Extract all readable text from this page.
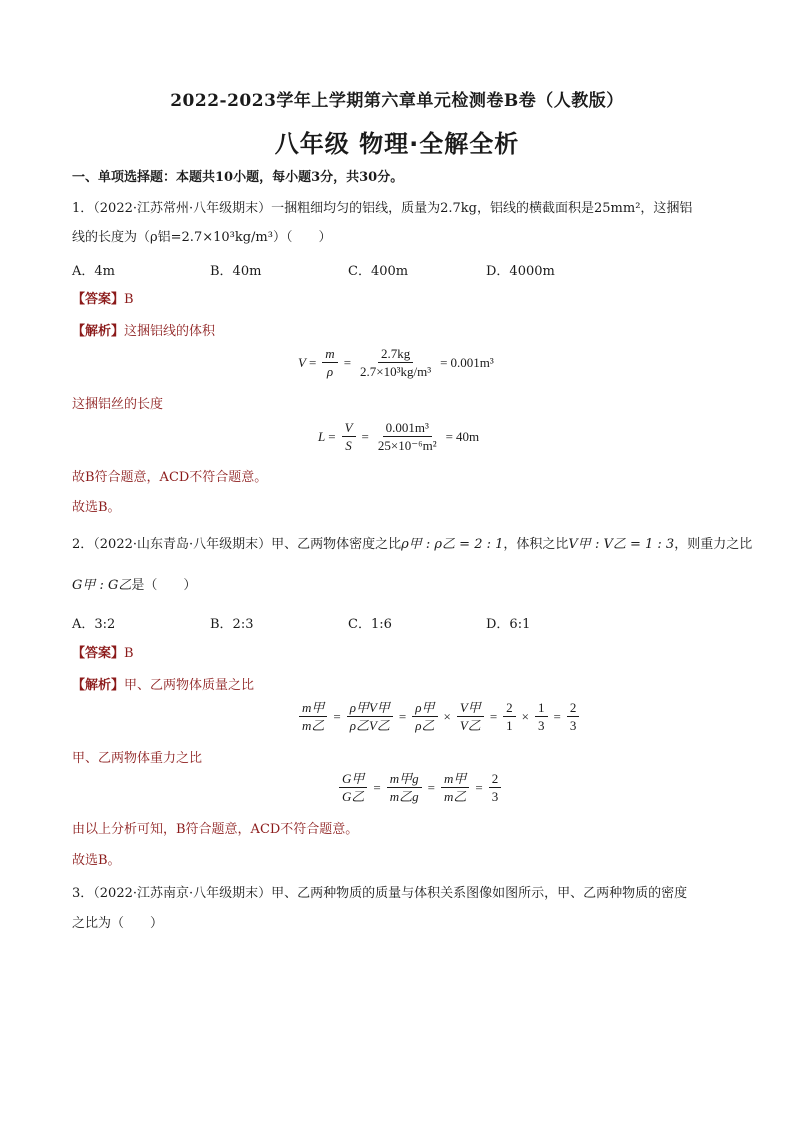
2022-2023学年上学期第六章单元检测卷B卷（人教版）
八年级 物理·全解全析
一、单项选择题：本题共10小题，每小题3分，共30分。
1．（2022·江苏常州·八年级期末）一捆粗细均匀的铝线，质量为2.7kg，铝线的横截面积是25mm²，这捆铝
线的长度为（ρ铝=2.7×10³kg/m³）（　　）
A．4m	B．40m	C．400m	D．4000m
【答案】B
【解析】这捆铝线的体积
$V = \frac{m}{\rho} = \frac{2.7kg}{\text{2.7×10³kg/m³}} = 0.001m^3$
这捆铝丝的长度
$L = \frac{V}{S} = \frac{\text{0.001m³}}{\text{25×10⁻⁶m²}} = 40m$
故B符合题意，ACD不符合题意。
故选B。
2．（2022·山东青岛·八年级期末）甲、乙两物体密度之比ρ甲 : ρ乙 = 2 : 1，体积之比V甲 : V乙 = 1 : 3，则重力之比
G甲 : G乙是（　　）
A．3:2	B．2:3	C．1:6	D．6:1
【答案】B
【解析】甲、乙两物体质量之比
$\frac{\text{m甲}}{\text{m乙}} = \frac{\text{ρ甲V甲}}{\text{ρ乙V乙}} = \frac{\text{ρ甲}}{\text{ρ乙}} \times \frac{\text{V甲}}{\text{V乙}} = \frac{2}{1} \times \frac{1}{3} = \frac{2}{3}$
甲、乙两物体重力之比
$\frac{\text{G甲}}{\text{G乙}} = \frac{\text{m甲g}}{\text{m乙g}} = \frac{\text{m甲}}{\text{m乙}} = \frac{2}{3}$
由以上分析可知，B符合题意，ACD不符合题意。
故选B。
3．（2022·江苏南京·八年级期末）甲、乙两种物质的质量与体积关系图像如图所示，甲、乙两种物质的密度
之比为（　　）
